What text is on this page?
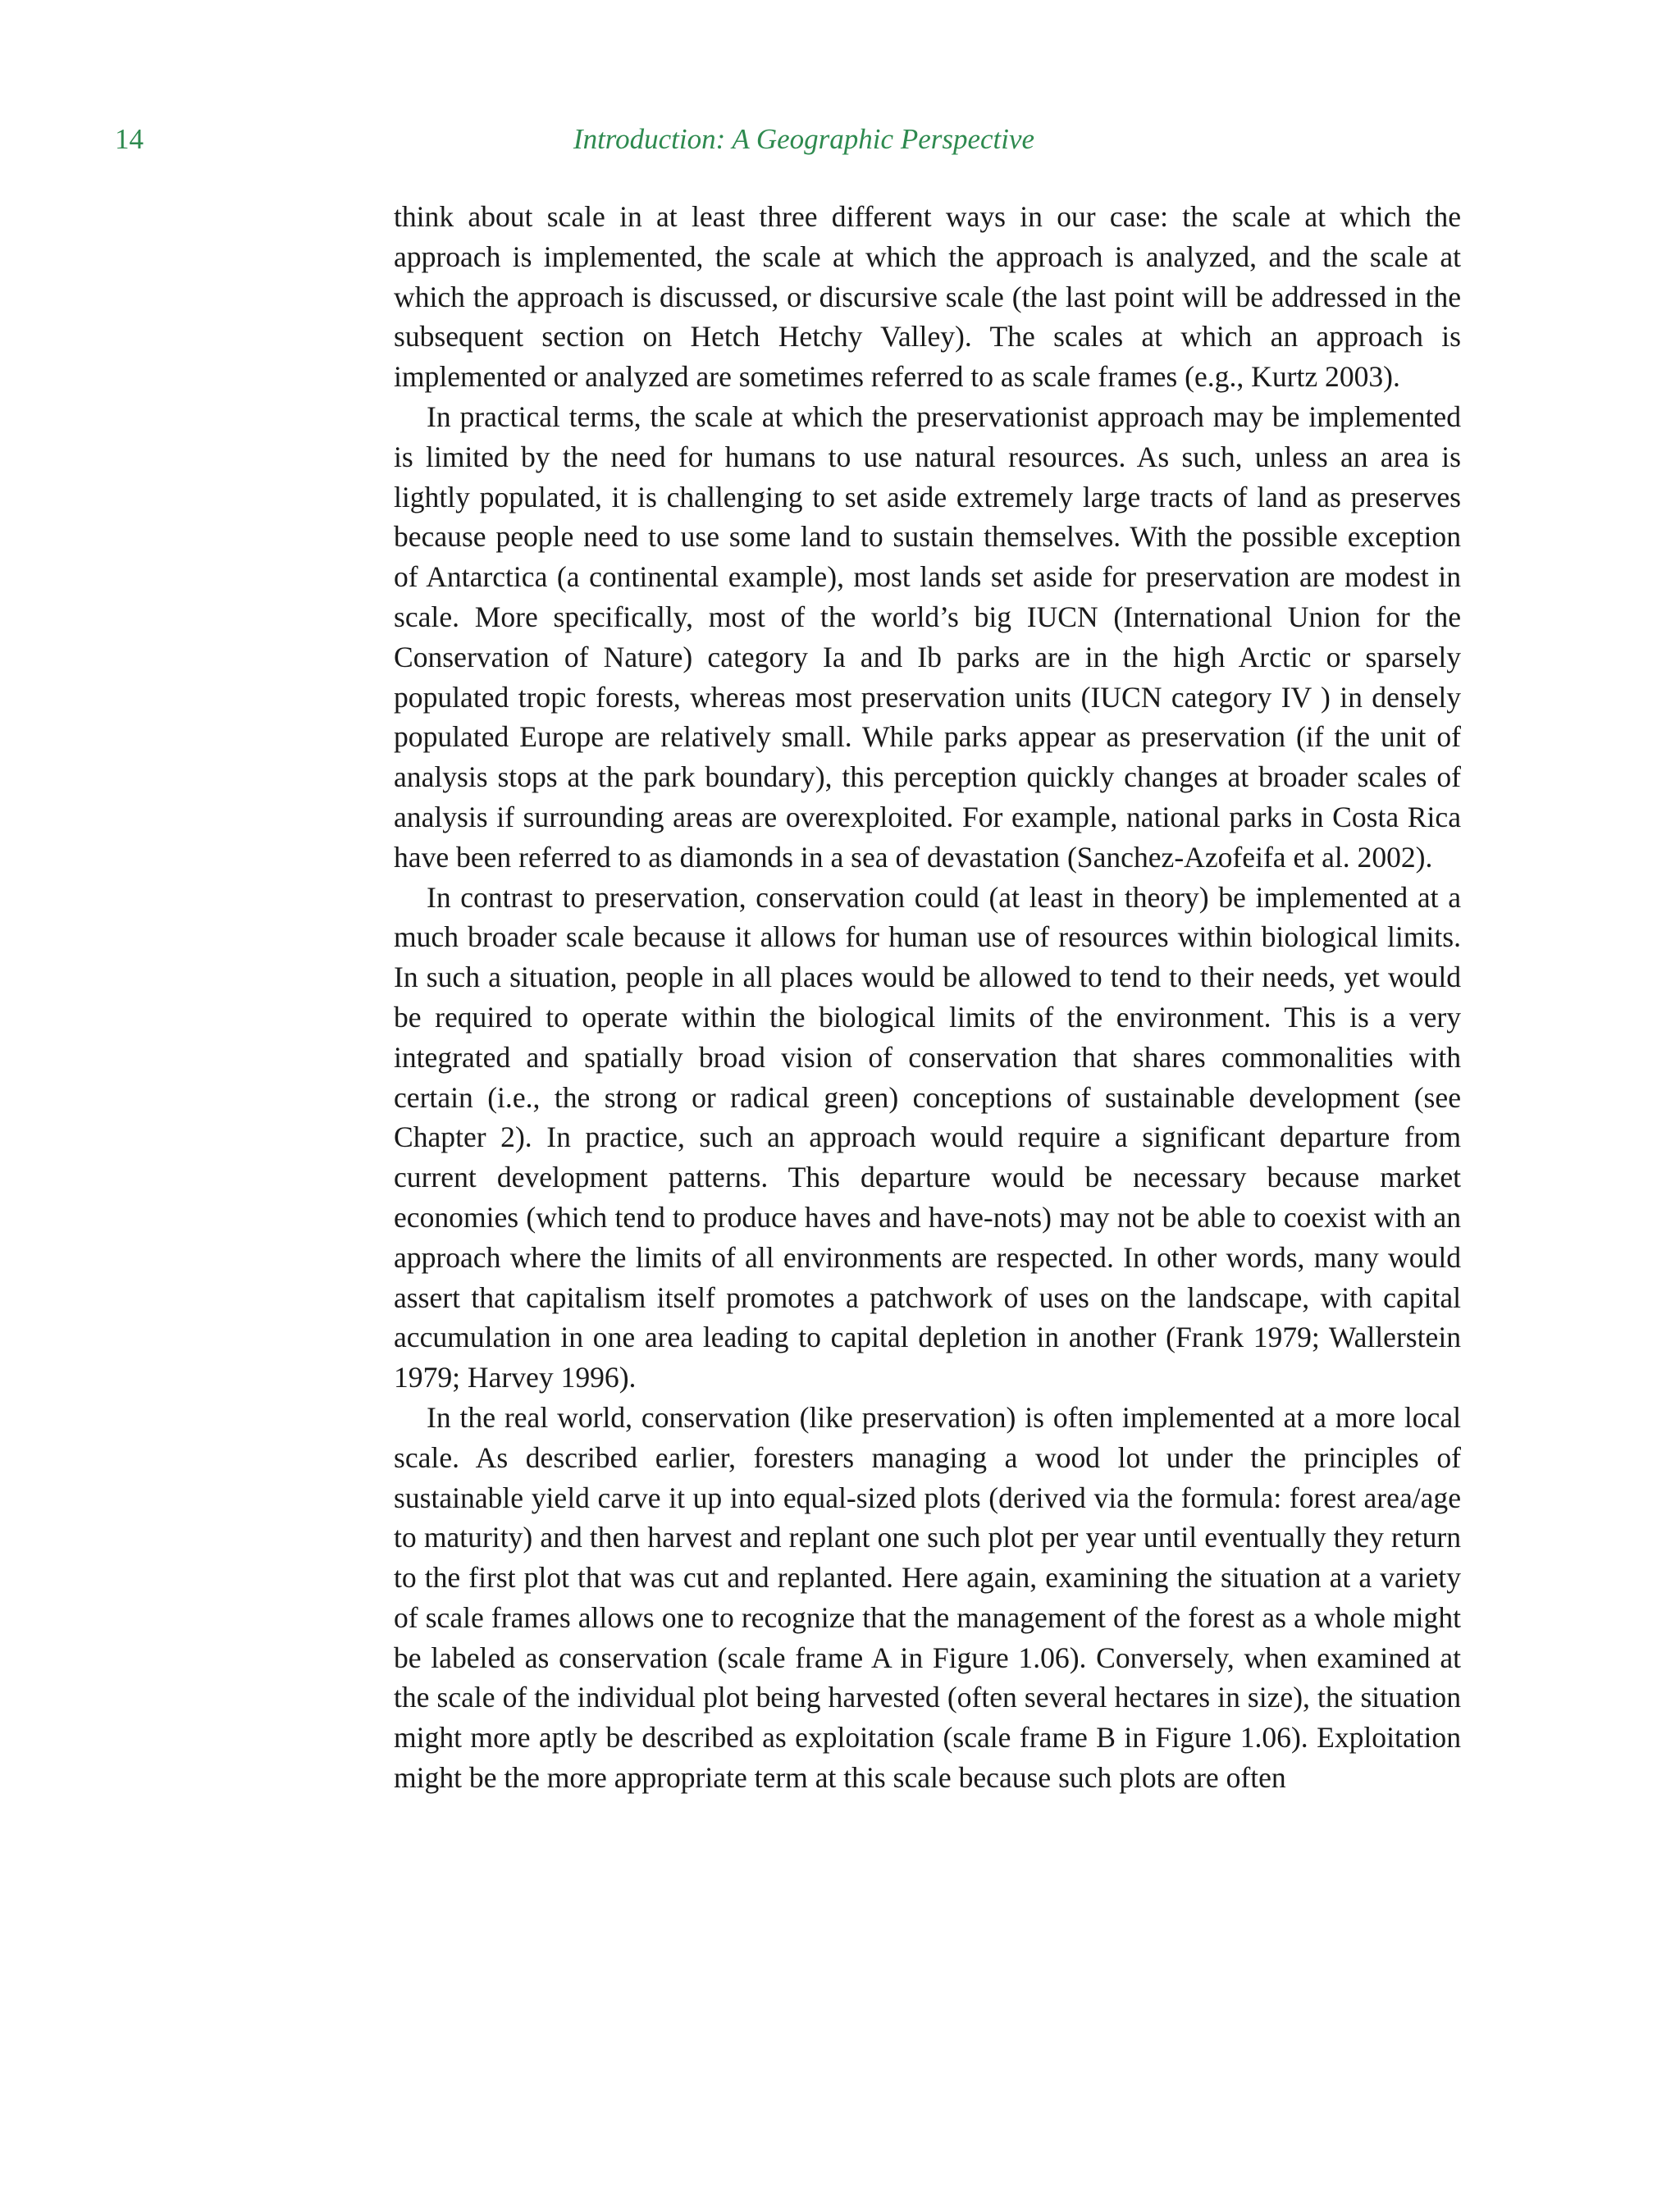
14	Introduction: A Geographic Perspective

think about scale in at least three different ways in our case: the scale at which the approach is implemented, the scale at which the approach is analyzed, and the scale at which the approach is discussed, or discursive scale (the last point will be addressed in the subsequent section on Hetch Hetchy Valley). The scales at which an approach is implemented or analyzed are sometimes referred to as scale frames (e.g., Kurtz 2003).

In practical terms, the scale at which the preservationist approach may be implemented is limited by the need for humans to use natural resources. As such, unless an area is lightly populated, it is challenging to set aside extremely large tracts of land as preserves because people need to use some land to sustain themselves. With the possible exception of Antarctica (a continental example), most lands set aside for preservation are modest in scale. More specifically, most of the world’s big IUCN (International Union for the Conservation of Nature) category Ia and Ib parks are in the high Arctic or sparsely populated tropic forests, whereas most preservation units (IUCN category IV ) in densely populated Europe are relatively small. While parks appear as preservation (if the unit of analysis stops at the park boundary), this perception quickly changes at broader scales of analysis if surrounding areas are overexploited. For example, national parks in Costa Rica have been referred to as diamonds in a sea of devastation (Sanchez-Azofeifa et al. 2002).

In contrast to preservation, conservation could (at least in theory) be implemented at a much broader scale because it allows for human use of resources within biological limits. In such a situation, people in all places would be allowed to tend to their needs, yet would be required to operate within the biological limits of the environment. This is a very integrated and spatially broad vision of conservation that shares commonalities with certain (i.e., the strong or radical green) conceptions of sustainable development (see Chapter 2). In practice, such an approach would require a significant departure from current development patterns. This departure would be necessary because market economies (which tend to produce haves and have-nots) may not be able to coexist with an approach where the limits of all environments are respected. In other words, many would assert that capitalism itself promotes a patchwork of uses on the landscape, with capital accumulation in one area leading to capital depletion in another (Frank 1979; Wallerstein 1979; Harvey 1996).

In the real world, conservation (like preservation) is often implemented at a more local scale. As described earlier, foresters managing a wood lot under the principles of sustainable yield carve it up into equal-sized plots (derived via the formula: forest area/age to maturity) and then harvest and replant one such plot per year until eventually they return to the first plot that was cut and replanted. Here again, examining the situation at a variety of scale frames allows one to recognize that the management of the forest as a whole might be labeled as conservation (scale frame A in Figure 1.06). Conversely, when examined at the scale of the individual plot being harvested (often several hectares in size), the situation might more aptly be described as exploitation (scale frame B in Figure 1.06). Exploitation might be the more appropriate term at this scale because such plots are often
